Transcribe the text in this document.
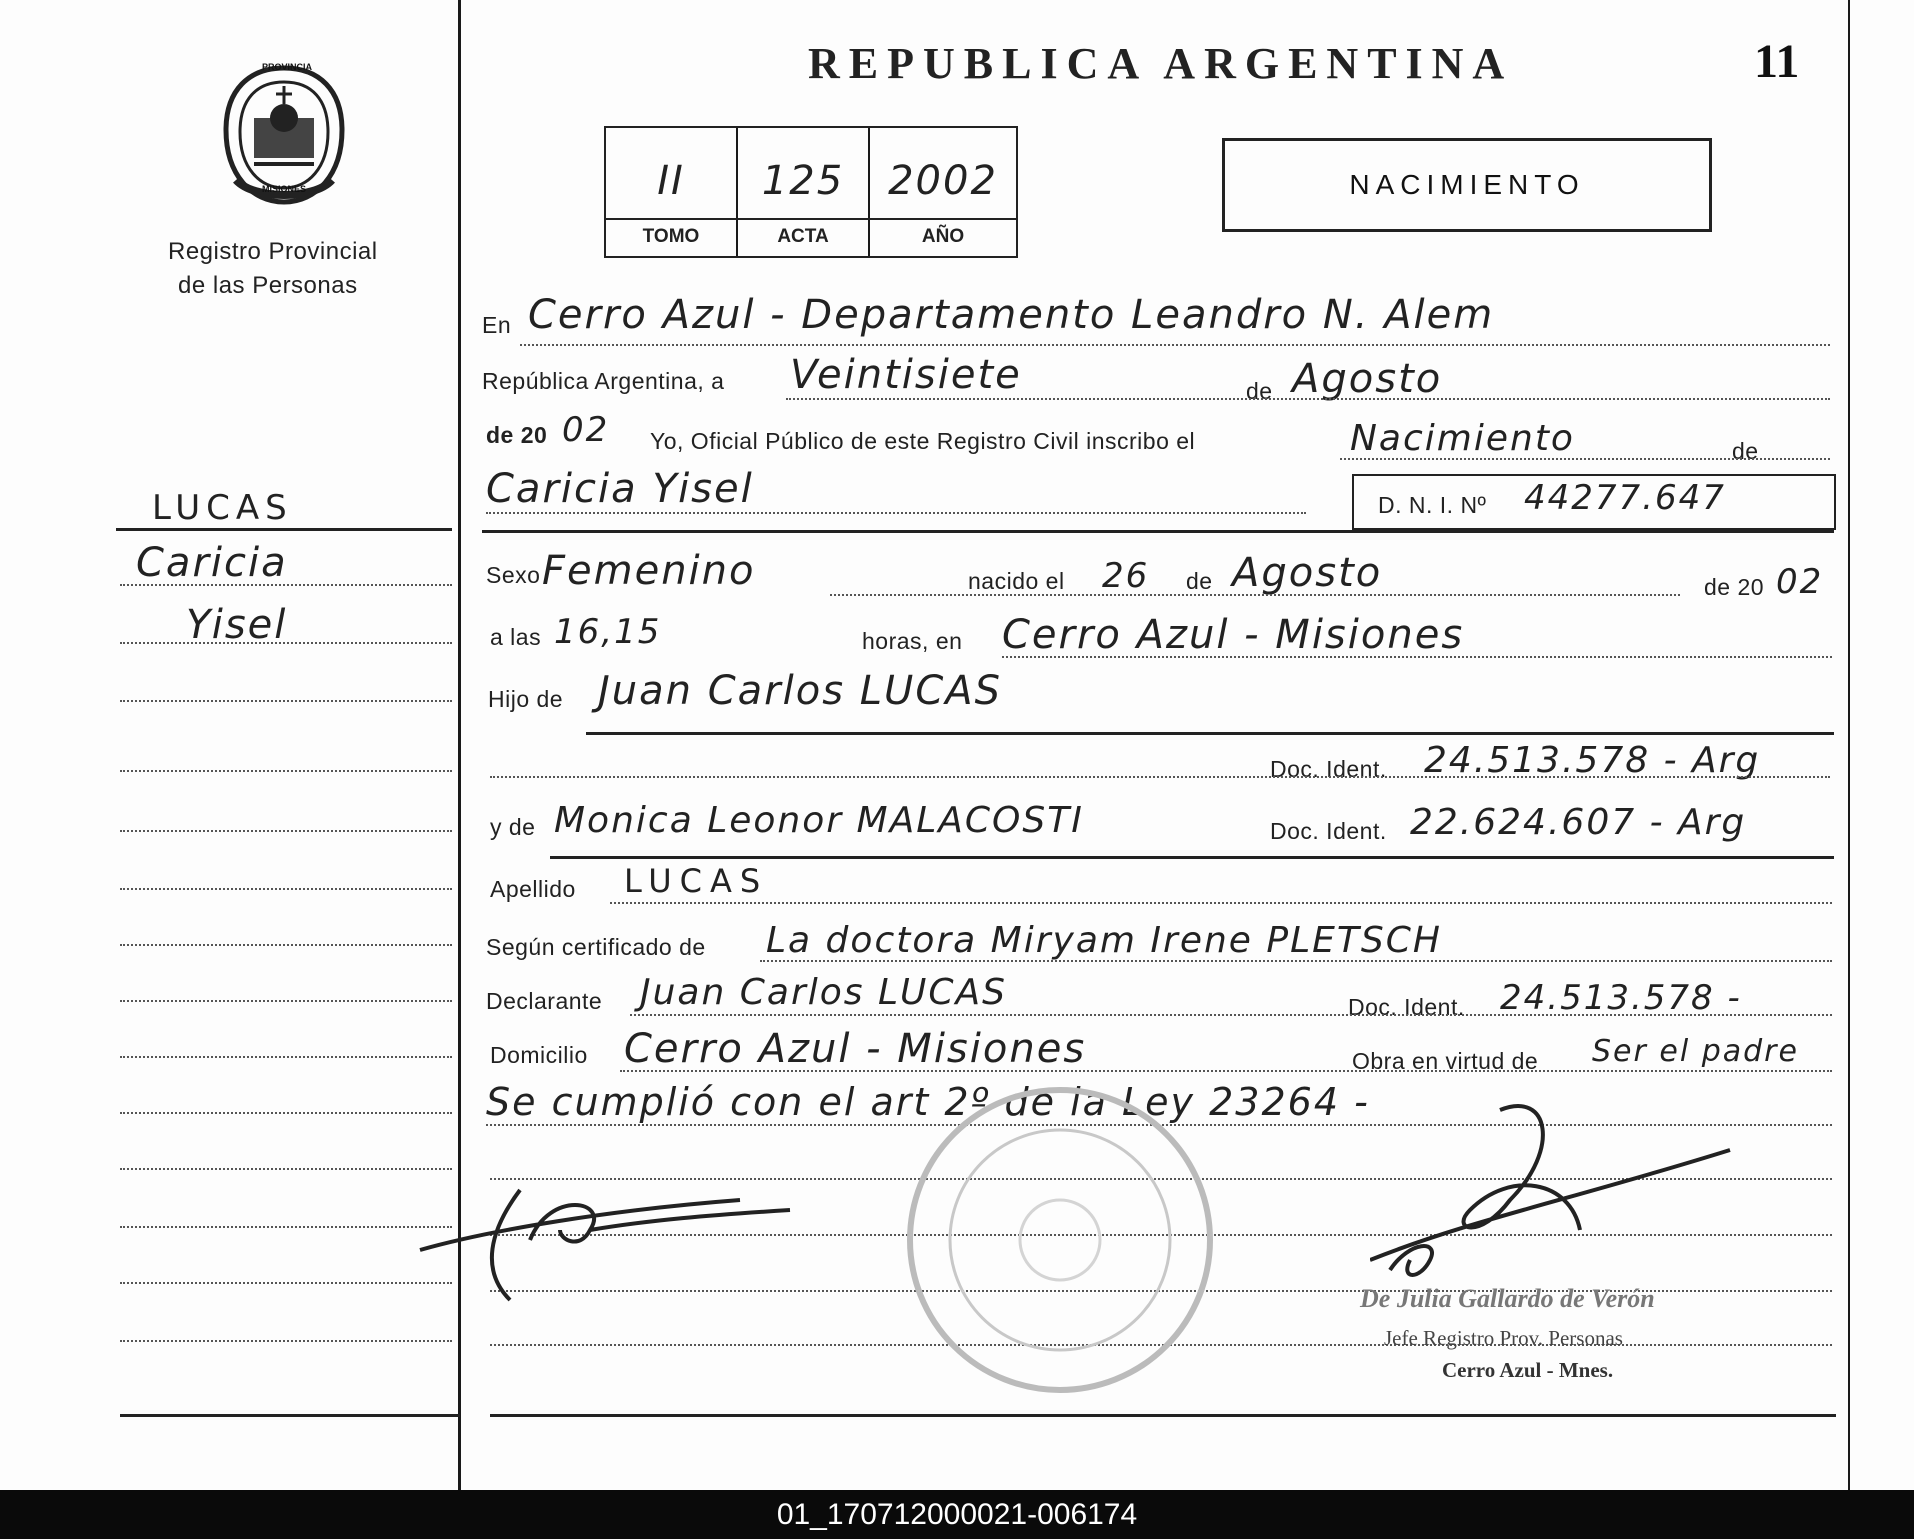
PROVINCIA
MISIONES
Registro Provincial
de las Personas
REPUBLICA ARGENTINA	11
II	125	2002
TOMO	ACTA	AÑO
NACIMIENTO
LUCAS
Caricia
Yisel
En Cerro Azul - Departamento Leandro N. Alem
República Argentina, a Veintisiete	de Agosto
de 20 02 Yo, Oficial Público de este Registro Civil inscribo el	Nacimiento	de
Caricia Yisel	D. N. I. Nº 44277.647
Sexo Femenino	nacido el 26 de Agosto	de 20 02
a las 16,15	horas, en Cerro Azul - Misiones
Hijo de Juan Carlos LUCAS
Doc. Ident. 24.513.578 - Arg
y de Monica Leonor MALACOSTI	Doc. Ident. 22.624.607 - Arg
Apellido LUCAS
Según certificado de La doctora Miryam Irene PLETSCH
Declarante Juan Carlos LUCAS	Doc. Ident. 24.513.578 -
Domicilio Cerro Azul - Misiones	Obra en virtud de Ser el padre
Se cumplió con el art 2º de la Ley 23264 -
De Julia Gallardo de Verón
Jefe Registro Prov. Personas
Cerro Azul - Mnes.
01_170712000021-006174
